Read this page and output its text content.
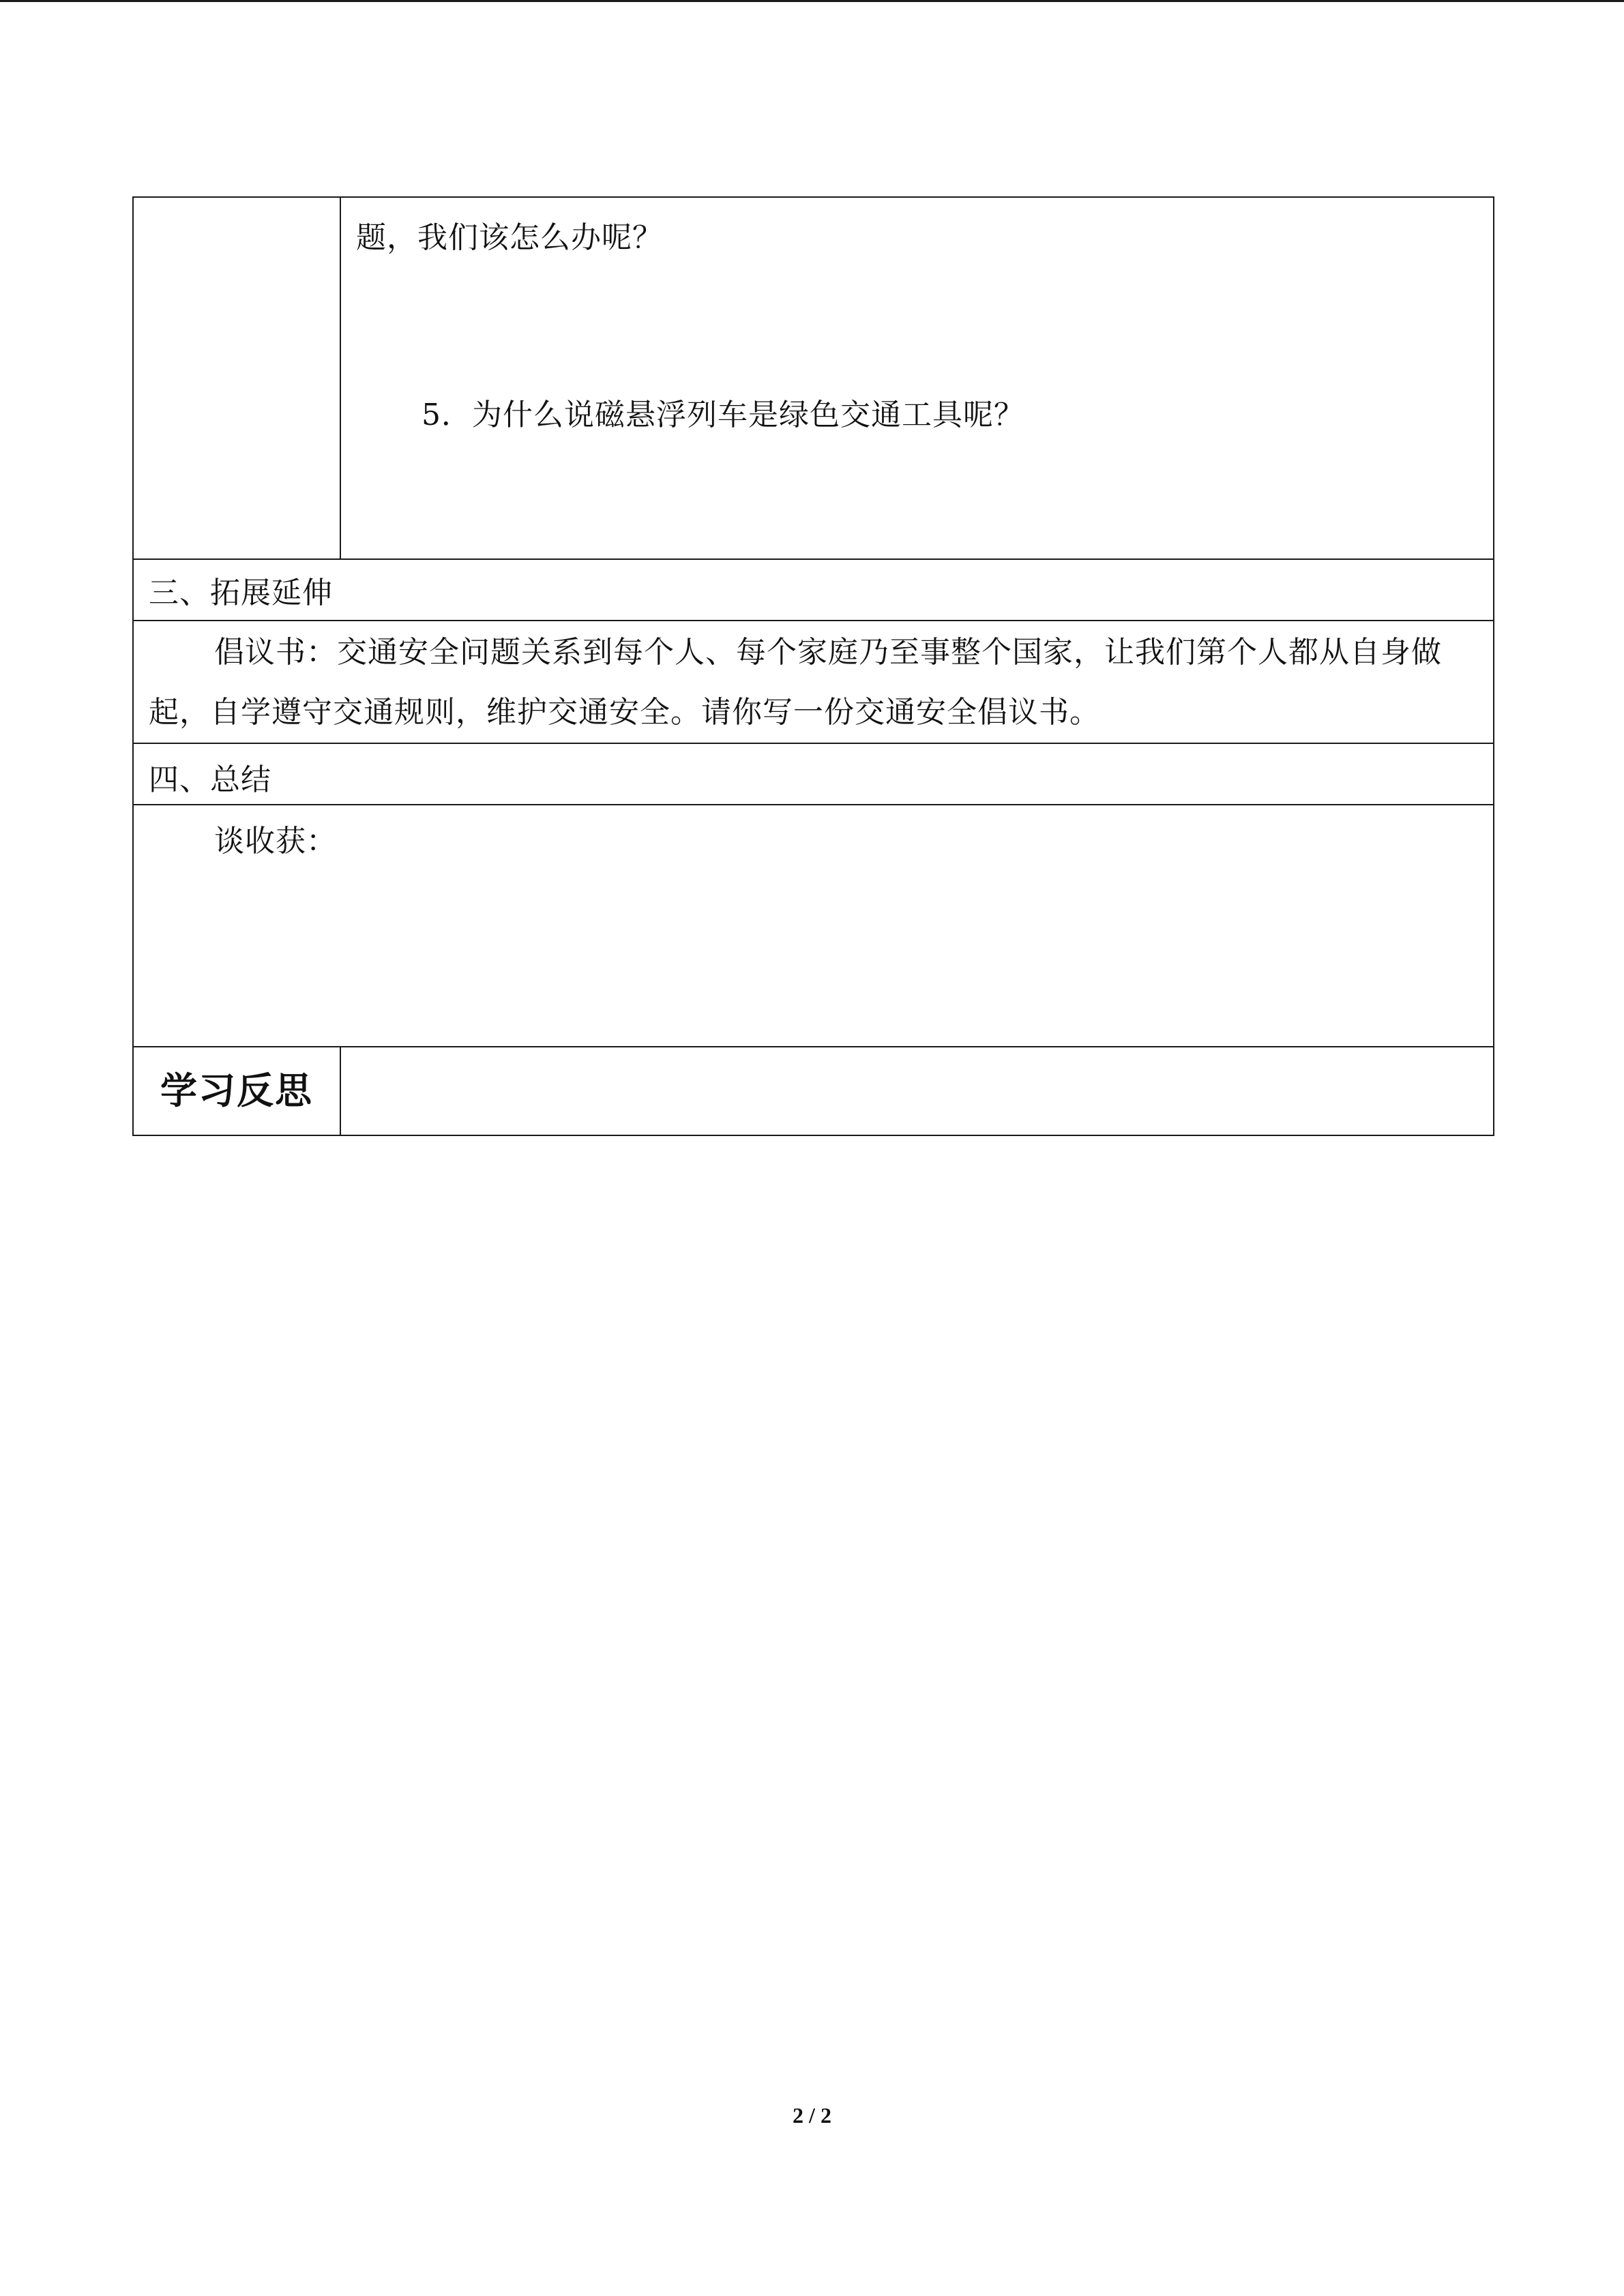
	题，我们该怎么办呢？
5．为什么说磁悬浮列车是绿色交通工具呢？

三、拓展延伸	

倡议书：交通安全问题关系到每个人、每个家庭乃至事整个国家，让我们第个人都从自身做起，自学遵守交通规则，维护交通安全。请你写一份交通安全倡议书。	

四、总结	

谈收获：	

学习反思	
2 / 2
